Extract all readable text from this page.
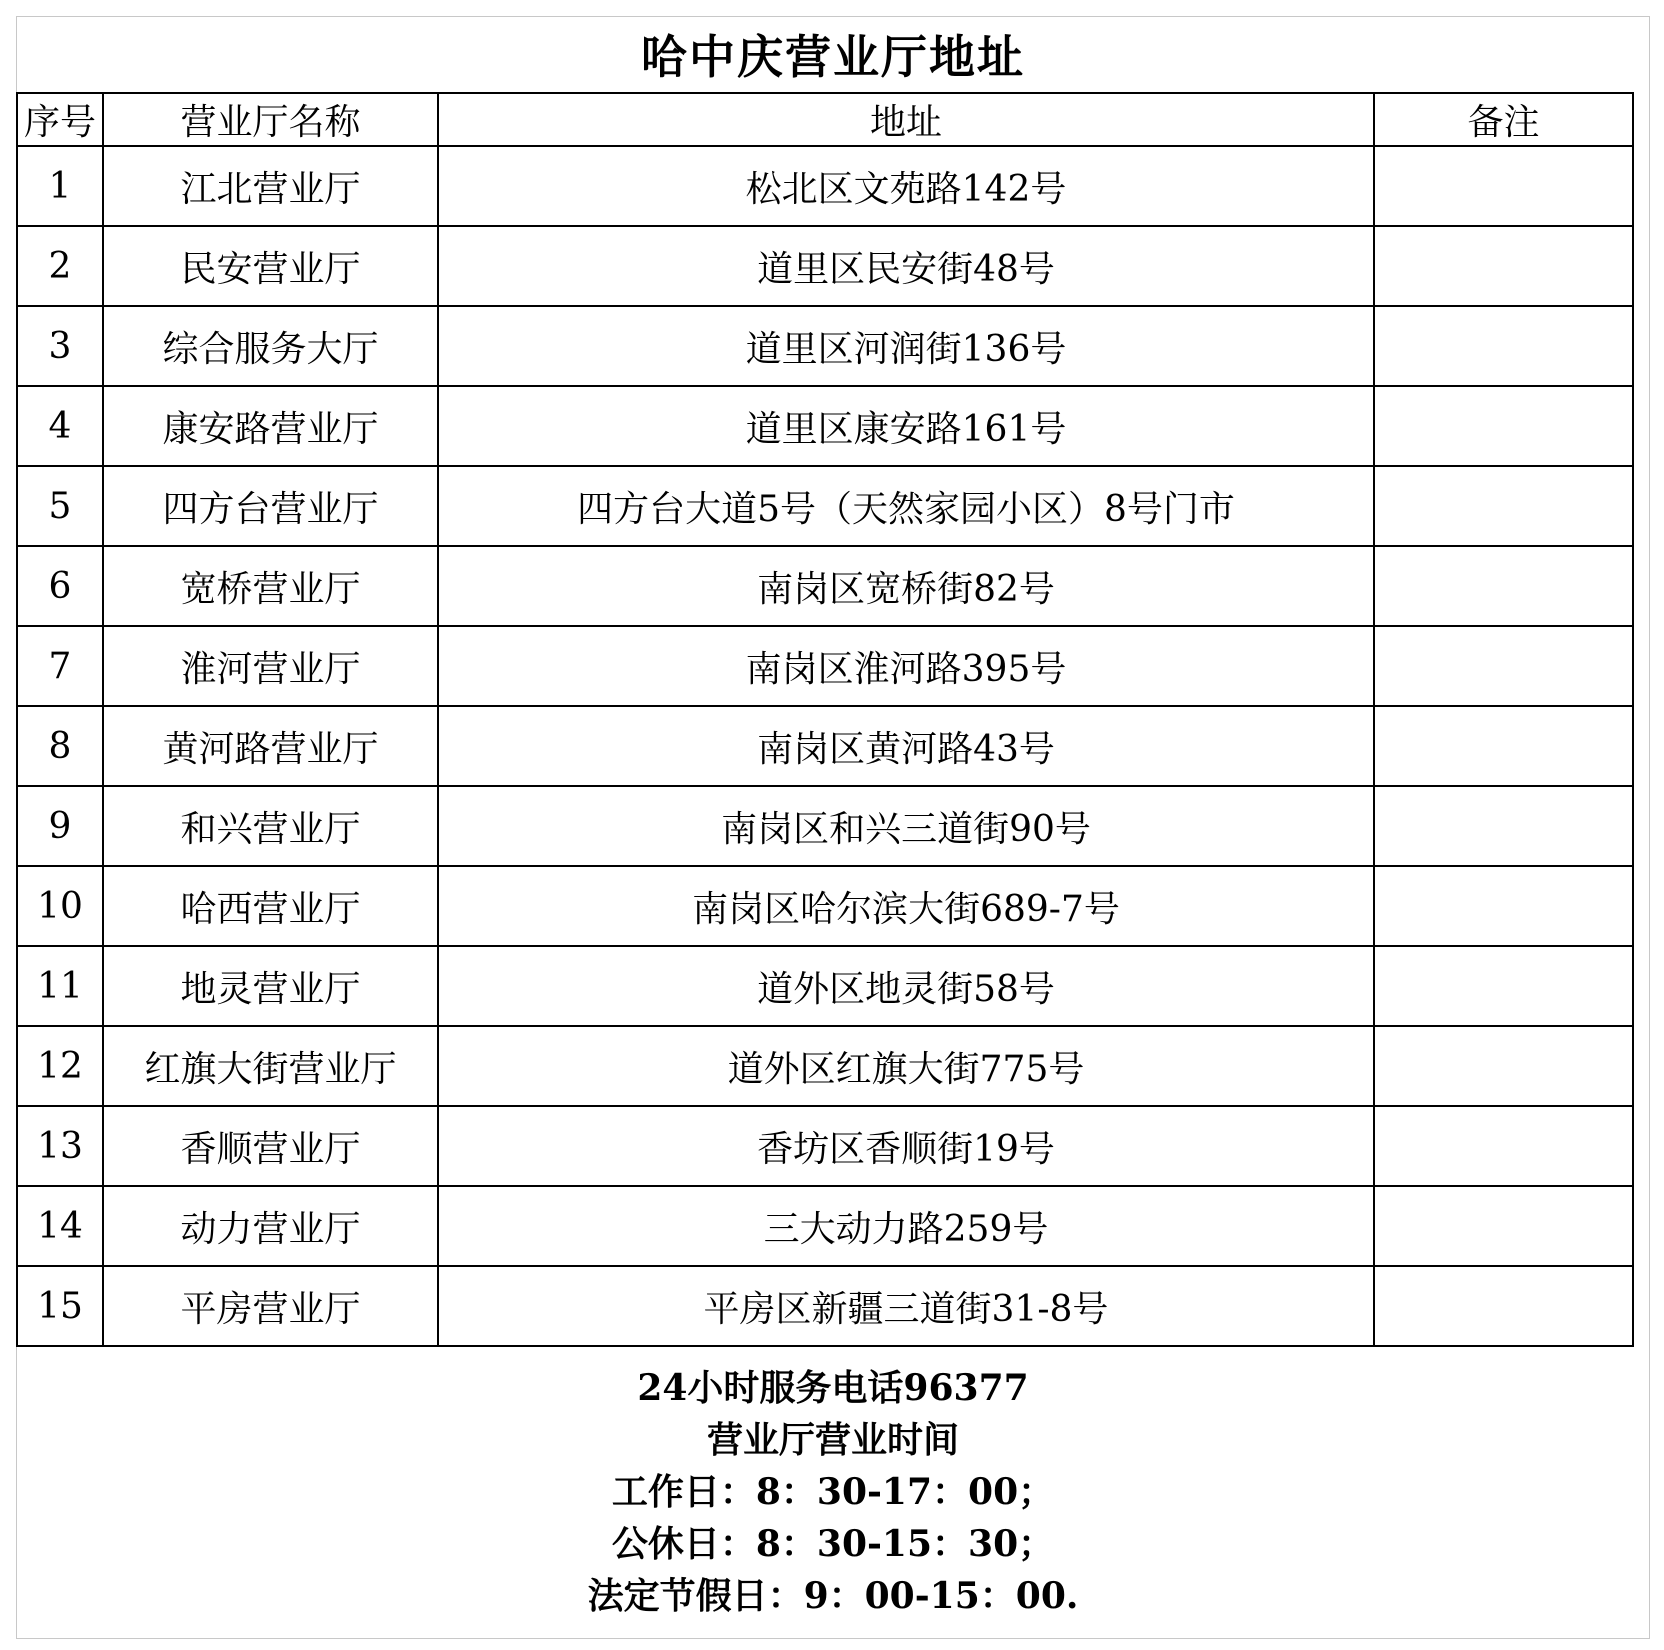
哈中庆营业厅地址
序号	营业厅名称	地址	备注
1	江北营业厅	松北区文苑路142号	
2	民安营业厅	道里区民安街48号	
3	综合服务大厅	道里区河润街136号	
4	康安路营业厅	道里区康安路161号	
5	四方台营业厅	四方台大道5号（天然家园小区）8号门市	
6	宽桥营业厅	南岗区宽桥街82号	
7	淮河营业厅	南岗区淮河路395号	
8	黄河路营业厅	南岗区黄河路43号	
9	和兴营业厅	南岗区和兴三道街90号	
10	哈西营业厅	南岗区哈尔滨大街689-7号	
11	地灵营业厅	道外区地灵街58号	
12	红旗大街营业厅	道外区红旗大街775号	
13	香顺营业厅	香坊区香顺街19号	
14	动力营业厅	三大动力路259号	
15	平房营业厅	平房区新疆三道街31-8号	
24小时服务电话96377
营业厅营业时间
工作日：8：30-17：00；
公休日：8：30-15：30；
法定节假日：9：00-15：00.
